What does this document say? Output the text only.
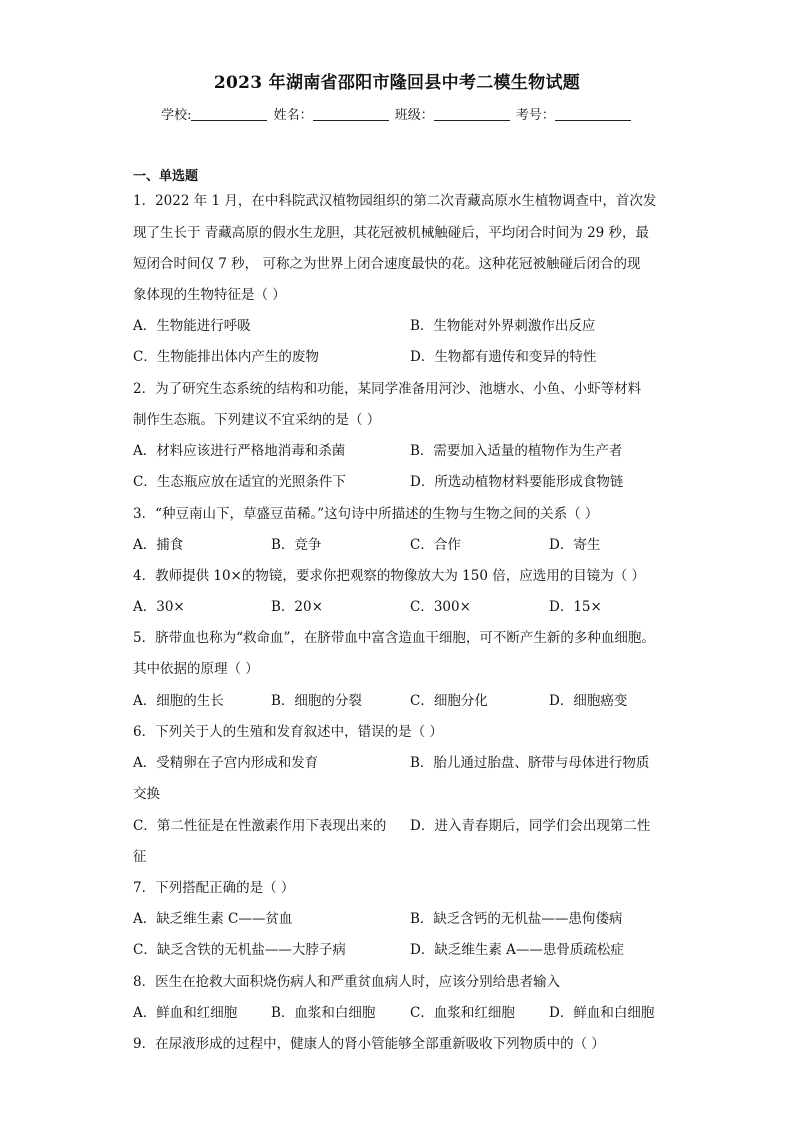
2023 年湖南省邵阳市隆回县中考二模生物试题
学校:	姓名：	班级：	考号：
一、单选题
1．2022 年 1 月，在中科院武汉植物园组织的第二次青藏高原水生植物调查中，首次发
现了生长于 青藏高原的假水生龙胆，其花冠被机械触碰后，平均闭合时间为 29 秒，最
短闭合时间仅 7 秒， 可称之为世界上闭合速度最快的花。这种花冠被触碰后闭合的现
象体现的生物特征是（ ）
A．生物能进行呼吸	B．生物能对外界刺激作出反应
C．生物能排出体内产生的废物	D．生物都有遗传和变异的特性
2．为了研究生态系统的结构和功能，某同学准备用河沙、池塘水、小鱼、小虾等材料
制作生态瓶。下列建议不宜采纳的是（ ）
A．材料应该进行严格地消毒和杀菌	B．需要加入适量的植物作为生产者
C．生态瓶应放在适宜的光照条件下	D．所选动植物材料要能形成食物链
3．“种豆南山下，草盛豆苗稀。”这句诗中所描述的生物与生物之间的关系（ ）
A．捕食	B．竞争	C．合作	D．寄生
4．教师提供 10×的物镜，要求你把观察的物像放大为 150 倍，应选用的目镜为（ ）
A．30×	B．20×	C．300×	D．15×
5．脐带血也称为“救命血”，在脐带血中富含造血干细胞，可不断产生新的多种血细胞。
其中依据的原理（ ）
A．细胞的生长	B．细胞的分裂	C．细胞分化	D．细胞癌变
6．下列关于人的生殖和发育叙述中，错误的是（ ）
A．受精卵在子宫内形成和发育	B．胎儿通过胎盘、脐带与母体进行物质
交换
C．第二性征是在性激素作用下表现出来的 D．进入青春期后，同学们会出现第二性
征
7．下列搭配正确的是（ ）
A．缺乏维生素 C——贫血	B．缺乏含钙的无机盐——患佝偻病
C．缺乏含铁的无机盐——大脖子病	D．缺乏维生素 A——患骨质疏松症
8．医生在抢救大面积烧伤病人和严重贫血病人时，应该分别给患者输入
A．鲜血和红细胞	B．血浆和白细胞	C．血浆和红细胞	D．鲜血和白细胞
9．在尿液形成的过程中，健康人的肾小管能够全部重新吸收下列物质中的（ ）
